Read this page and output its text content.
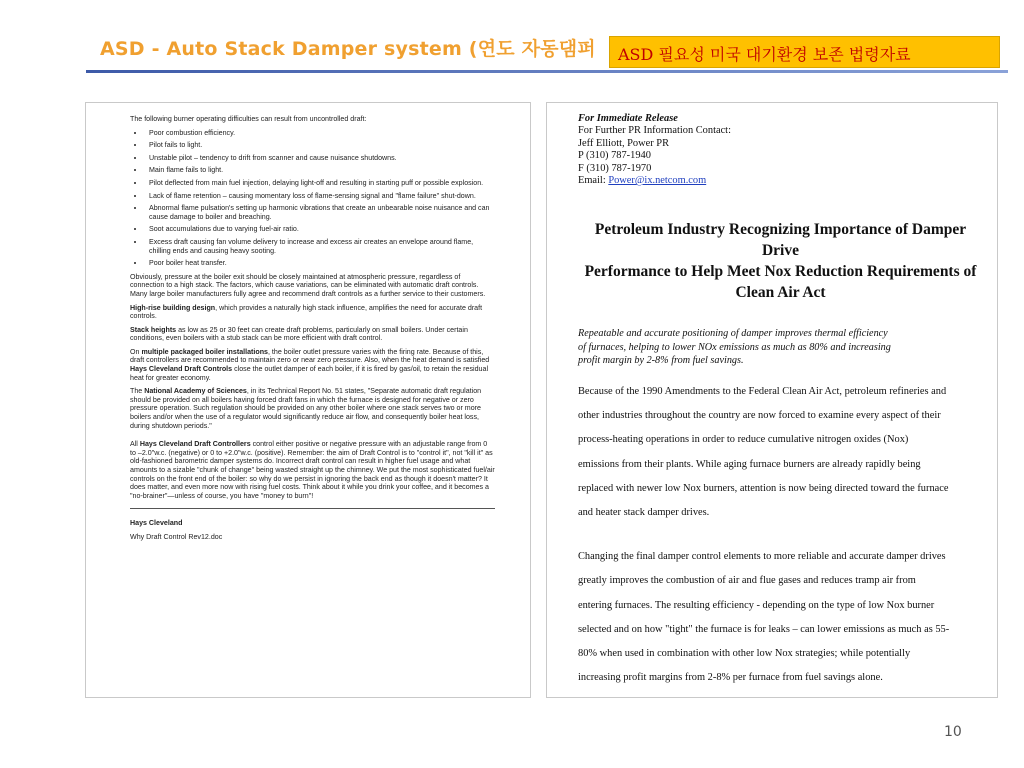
ASD - Auto Stack Damper system (연도 자동댐퍼	ASD 필요성 미국 대기환경 보존 법령자료

The following burner operating difficulties can result from uncontrolled draft:

• Poor combustion efficiency.
• Pilot fails to light.
• Unstable pilot – tendency to drift from scanner and cause nuisance shutdowns.
• Main flame fails to light.
• Pilot deflected from main fuel injection, delaying light-off and resulting in starting puff or possible explosion.
• Lack of flame retention – causing momentary loss of flame-sensing signal and "flame failure" shut-down.
• Abnormal flame pulsation's setting up harmonic vibrations that create an unbearable noise nuisance and can cause damage to boiler and breaching.
• Soot accumulations due to varying fuel-air ratio.
• Excess draft causing fan volume delivery to increase and excess air creates an envelope around flame, chilling ends and causing heavy sooting.
• Poor boiler heat transfer.

Obviously, pressure at the boiler exit should be closely maintained at atmospheric pressure, regardless of connection to a high stack. The factors, which cause variations, can be eliminated with automatic draft controls. Many large boiler manufacturers fully agree and recommend draft controls as a further service to their customers.

High-rise building design, which provides a naturally high stack influence, amplifies the need for accurate draft controls.

Stack heights as low as 25 or 30 feet can create draft problems, particularly on small boilers. Under certain conditions, even boilers with a stub stack can be more efficient with draft control.

On multiple packaged boiler installations, the boiler outlet pressure varies with the firing rate. Because of this, draft controllers are recommended to maintain zero or near zero pressure. Also, when the heat demand is satisfied Hays Cleveland Draft Controls close the outlet damper of each boiler, if it is fired by gas/oil, to retain the residual heat for greater economy.

The National Academy of Sciences, in its Technical Report No. 51 states, "Separate automatic draft regulation should be provided on all boilers having forced draft fans in which the furnace is designed for negative or zero pressure operation. Such regulation should be provided on any other boiler where one stack serves two or more boilers and/or when the use of a regulator would significantly reduce air flow, and consequently boiler heat loss, during shutdown periods."

All Hays Cleveland Draft Controllers control either positive or negative pressure with an adjustable range from 0 to –2.0"w.c. (negative) or 0 to +2.0"w.c. (positive). Remember: the aim of Draft Control is to "control it", not "kill it" as old-fashioned barometric damper systems do. Incorrect draft control can result in higher fuel usage and what amounts to a sizable "chunk of change" being wasted straight up the chimney. We put the most sophisticated fuel/air controls on the front end of the boiler: so why do we persist in ignoring the back end as though it doesn't matter? It does matter, and even more now with rising fuel costs. Think about it while you drink your coffee, and it becomes a "no-brainer"—unless of course, you have "money to burn"!

Hays Cleveland
Why Draft Control Rev12.doc
For Immediate Release
For Further PR Information Contact:
Jeff Elliott, Power PR
P (310) 787-1940
F (310) 787-1970
Email: Power@ix.netcom.com
Petroleum Industry Recognizing Importance of Damper Drive
Performance to Help Meet Nox Reduction Requirements of
Clean Air Act
Repeatable and accurate positioning of damper improves thermal efficiency
of furnaces, helping to lower NOx emissions as much as 80% and increasing
profit margin by 2-8% from fuel savings.
Because of the 1990 Amendments to the Federal Clean Air Act, petroleum refineries and
other industries throughout the country are now forced to examine every aspect of their
process-heating operations in order to reduce cumulative nitrogen oxides (Nox)
emissions from their plants. While aging furnace burners are already rapidly being
replaced with newer low Nox burners, attention is now being directed toward the furnace
and heater stack damper drives.
Changing the final damper control elements to more reliable and accurate damper drives
greatly improves the combustion of air and flue gases and reduces tramp air from
entering furnaces. The resulting efficiency - depending on the type of low Nox burner
selected and on how "tight" the furnace is for leaks – can lower emissions as much as 55-
80% when used in combination with other low Nox strategies; while potentially
increasing profit margins from 2-8% per furnace from fuel savings alone.
10
